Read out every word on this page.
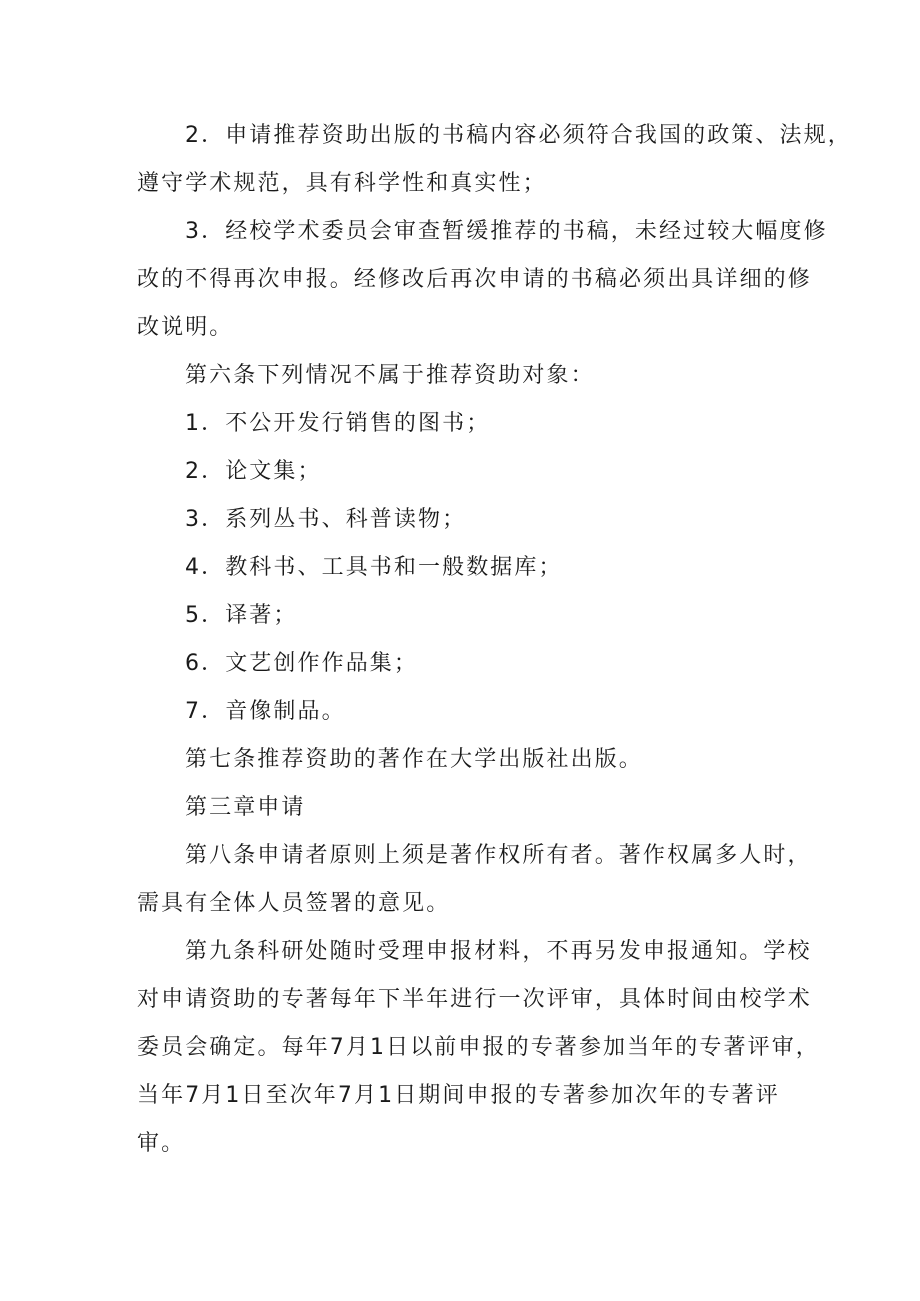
2．申请推荐资助出版的书稿内容必须符合我国的政策、法规，
遵守学术规范，具有科学性和真实性；
3．经校学术委员会审查暂缓推荐的书稿，未经过较大幅度修
改的不得再次申报。经修改后再次申请的书稿必须出具详细的修
改说明。
第六条下列情况不属于推荐资助对象：
1．不公开发行销售的图书；
2．论文集；
3．系列丛书、科普读物；
4．教科书、工具书和一般数据库；
5．译著；
6．文艺创作作品集；
7．音像制品。
第七条推荐资助的著作在大学出版社出版。
第三章申请
第八条申请者原则上须是著作权所有者。著作权属多人时，
需具有全体人员签署的意见。
第九条科研处随时受理申报材料，不再另发申报通知。学校
对申请资助的专著每年下半年进行一次评审，具体时间由校学术
委员会确定。每年7月1日以前申报的专著参加当年的专著评审，
当年7月1日至次年7月1日期间申报的专著参加次年的专著评
审。
